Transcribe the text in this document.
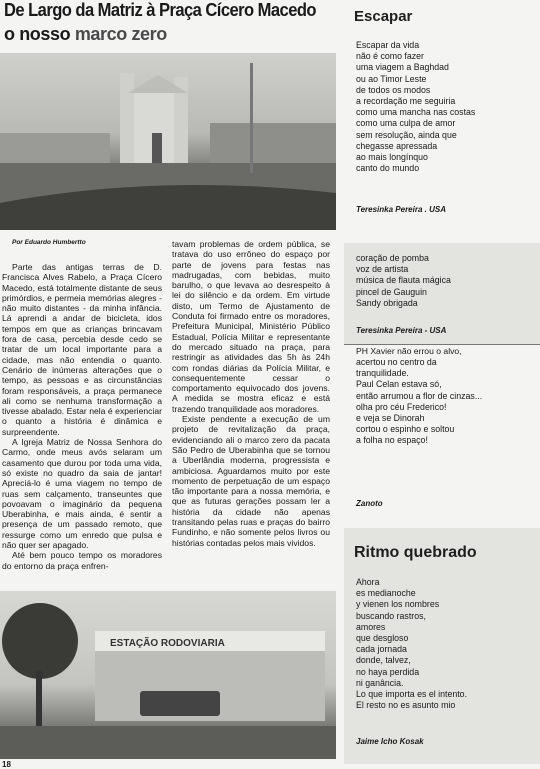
De Largo da Matriz à Praça Cícero Macedo
o nosso marco zero
Por Eduardo Humbertto

Parte das antigas terras de D. Francisca Alves Rabelo, a Praça Cícero Macedo, está totalmente distante de seus primórdios, e permeia memórias alegres - não muito distantes - da minha infância. Lá aprendi a andar de bicicleta, idos tempos em que as crianças brincavam fora de casa, percebia desde cedo se tratar de um local importante para a cidade, mas não entendia o quanto. Cenário de inúmeras alterações que o tempo, as pessoas e as circunstâncias foram responsáveis, a praça permanece ali como se nenhuma transformação a tivesse abalado. Estar nela é experienciar o quanto a história é dinâmica e surpreendente.

A Igreja Matriz de Nossa Senhora do Carmo, onde meus avós selaram um casamento que durou por toda uma vida, só existe no quadro da saia de jantar! Apreciá-lo é uma viagem no tempo de ruas sem calçamento, transeuntes que povoavam o imaginário da pequena Uberabinha, e mais ainda, é sentir a presença de um passado remoto, que ressurge como um enredo que pulsa e não quer ser apagado.

Até bem pouco tempo os moradores do entorno da praça enfren-

tavam problemas de ordem pública, se tratava do uso errôneo do espaço por parte de jovens para festas nas madrugadas, com bebidas, muito barulho, o que levava ao desrespeito à lei do silêncio e da ordem. Em virtude disto, um Termo de Ajustamento de Conduta foi firmado entre os moradores, Prefeitura Municipal, Ministério Público Estadual, Polícia Militar e representante do mercado situado na praça, para restringir as atividades das 5h às 24h com rondas diárias da Polícia Militar, e consequentemente cessar o comportamento equivocado dos jovens. A medida se mostra eficaz e está trazendo tranquilidade aos moradores.

Existe pendente a execução de um projeto de revitalização da praça, evidenciando ali o marco zero da pacata São Pedro de Uberabinha que se tornou a Uberlândia moderna, progressista e ambiciosa. Aguardamos muito por este momento de perpetuação de um espaço tão importante para a nossa memória, e que as futuras gerações possam ler a história da cidade não apenas transitando pelas ruas e praças do bairro Fundinho, e não somente pelos livros ou histórias contadas pelos mais vividos.

ESTAÇÃO RODOVIARIA
Escapar
Escapar da vida
não é como fazer
uma viagem a Baghdad
ou ao Timor Leste
de todos os modos
a recordação me seguiria
como uma mancha nas costas
como uma culpa de amor
sem resolução, ainda que
chegasse apressada
ao mais longínquo
canto do mundo
Teresinka Pereira . USA
coração de pomba
voz de artista
música de flauta mágica
pincel de Gauguin
Sandy obrigada
Teresinka Pereira - USA
PH Xavier não errou o alvo,
acertou no centro da
tranquilidade.
Paul Celan estava só,
então arrumou a flor de cinzas...
olha pro céu Frederico!
e veja se Dinorah
cortou o espinho e soltou
a folha no espaço!
Zanoto
Ritmo quebrado
Ahora
es medianoche
y vienen los nombres
buscando rastros,
amores
que desgloso
cada jornada
donde, talvez,
no haya perdida
ni ganância.
Lo que importa es el intento.
El resto no es asunto mio
Jaime Icho Kosak
18
